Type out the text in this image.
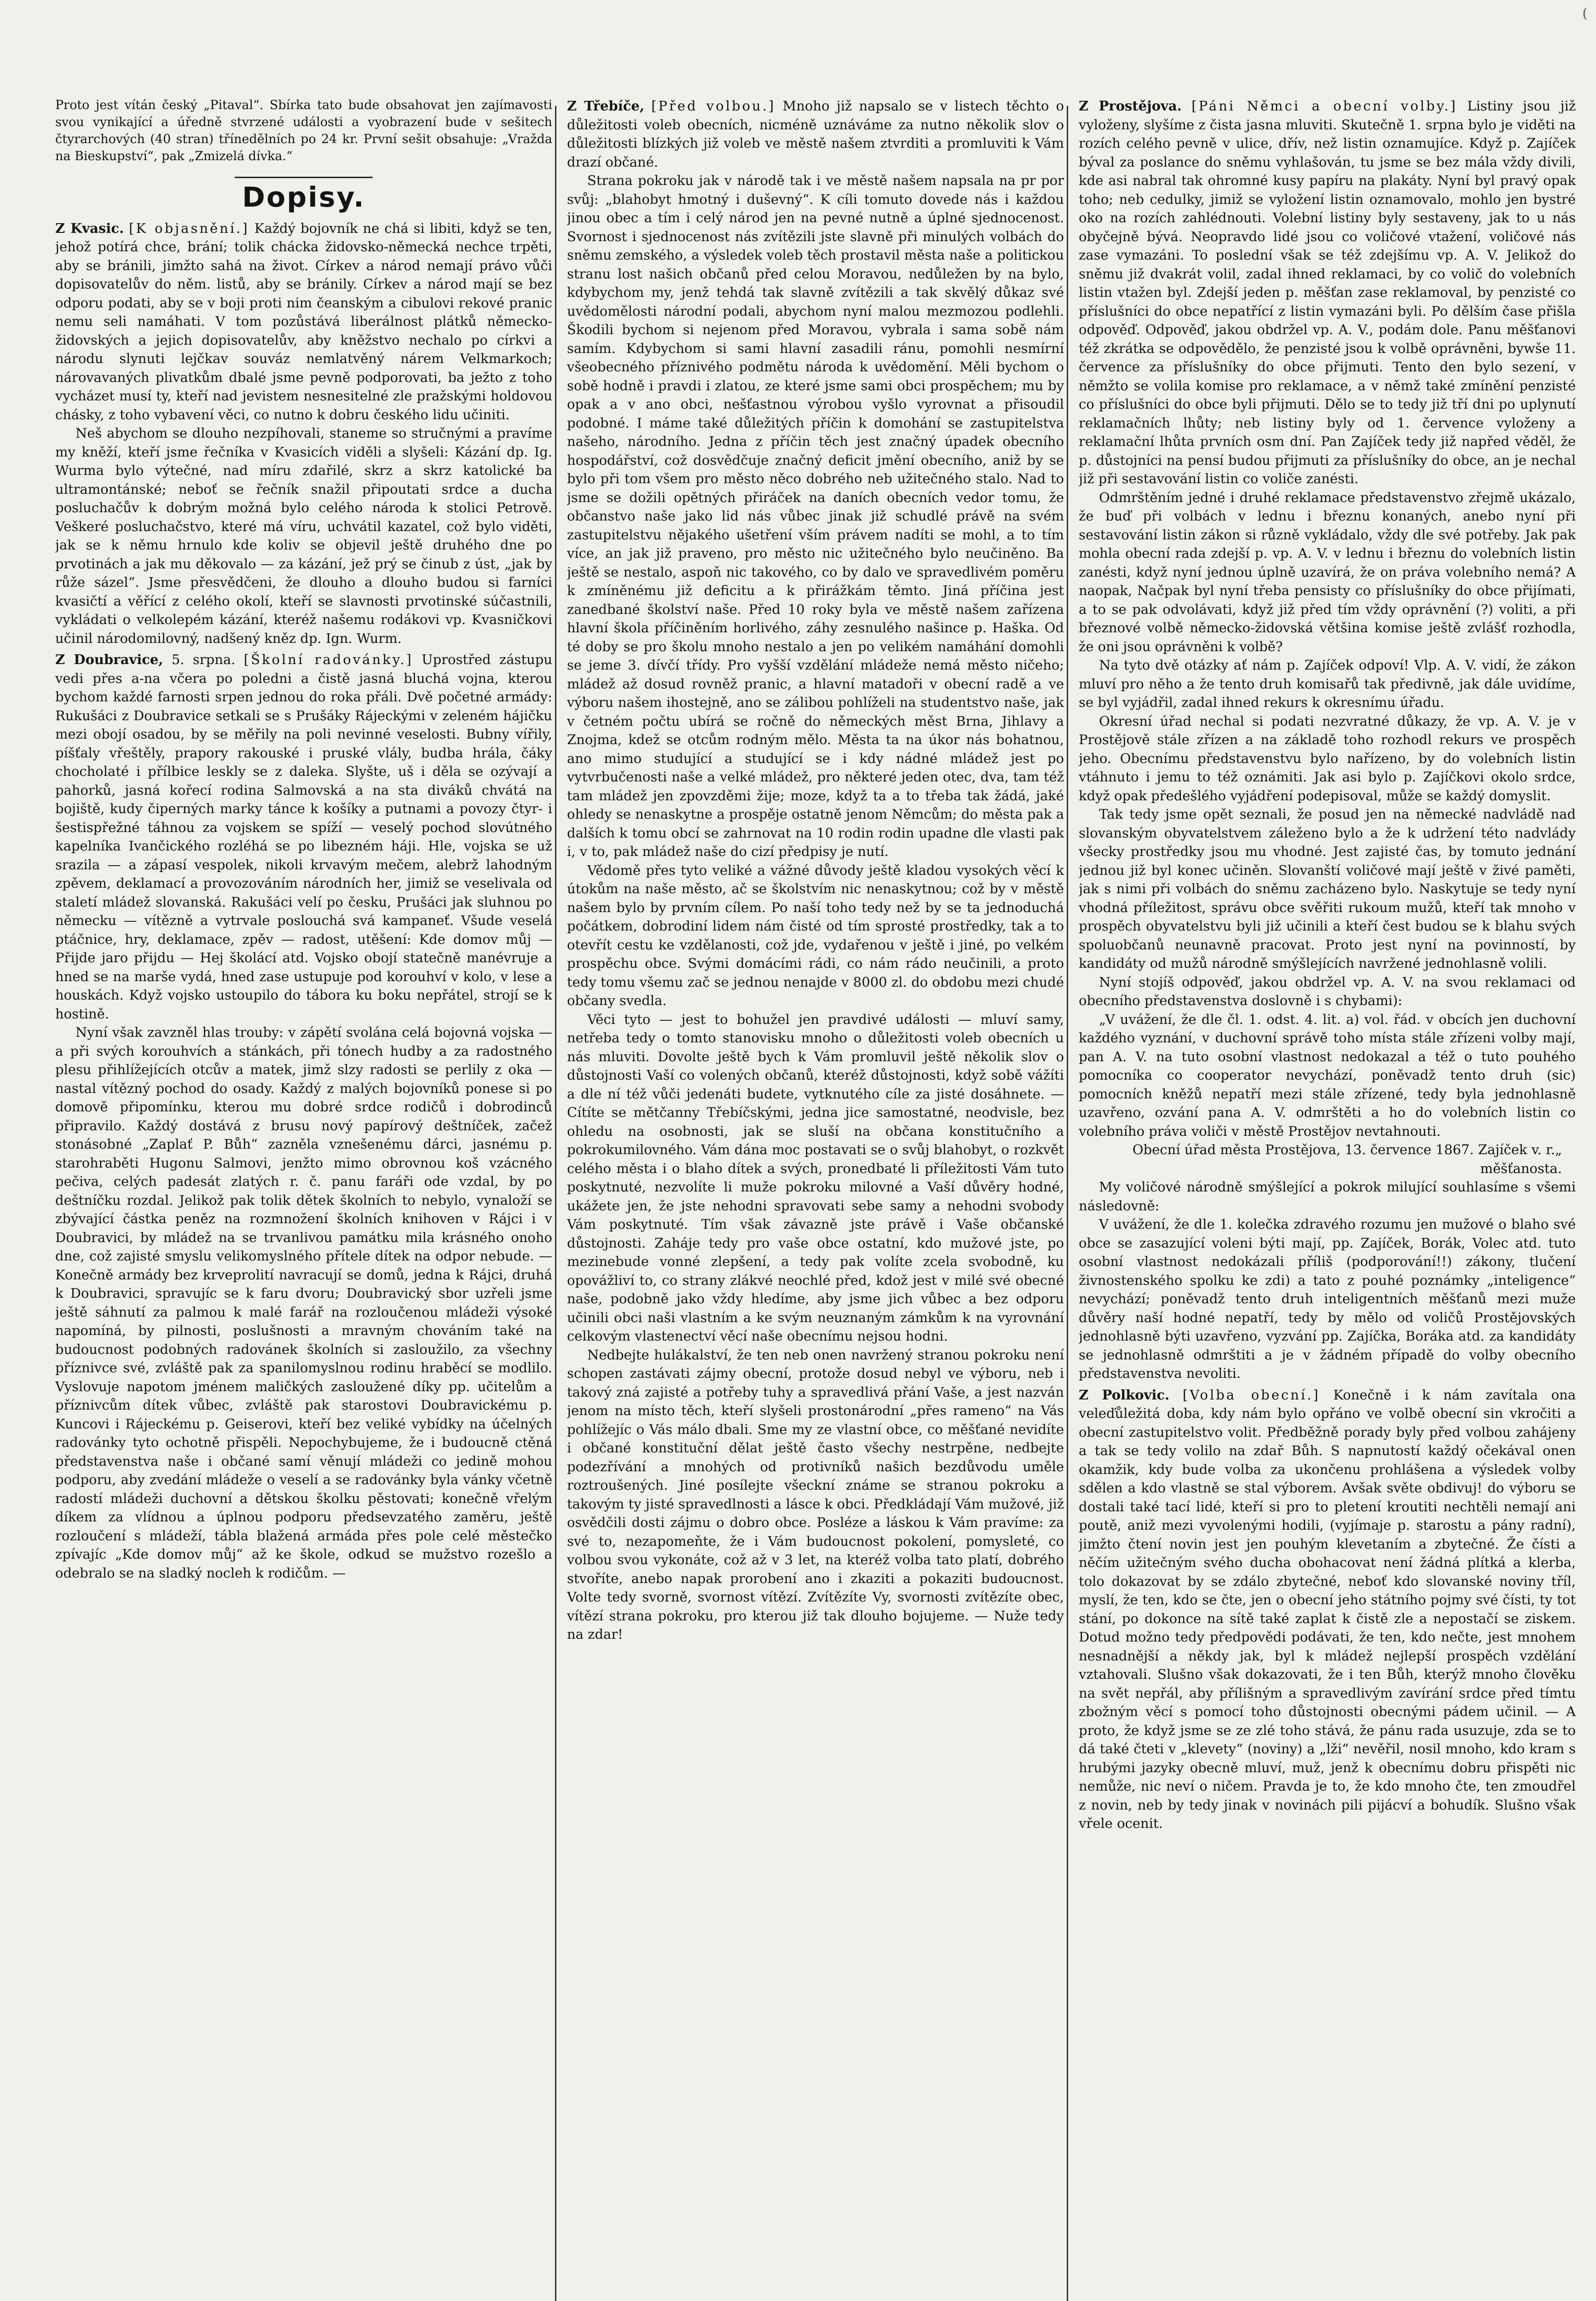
(
Proto jest vítán český „Pitaval“. Sbírka tato bude obsahovat jen zajímavosti svou vynikající a úředně stvrzené události a vyobrazení bude v sešitech čtyrarchových (40 stran) třínedělních po 24 kr. První sešit obsahuje: „Vražda na Bieskupství“, pak „Zmizelá dívka.“
Dopisy.

Z Kvasic. [K objasnění.] Každý bojovník ne chá si libiti, když se ten, jehož potírá chce, brání; tolik chácka židovsko-německá nechce trpěti, aby se bránili, jimžto sahá na život. Církev a národ nemají právo vůči dopisovatelův do něm. listů, aby se bránily. Církev a národ mají se bez odporu podati, aby se v boji proti nim čeanským a cibulovi rekové pranic nemu seli namáhati. V tom pozůstává liberálnost plátků německo-židovských a jejich dopisovatelův, aby kněžstvo nechalo po církvi a národu slynuti lejčkav souváz nemlatvěný nárem Velkmarkoch; nárovavaných plivatkům dbalé jsme pevně podporovati, ba ježto z toho vycházet musí ty, kteří nad jevistem nesnesitelné zle pražskými holdovou chásky, z toho vybavení věci, co nutno k dobru českého lidu učiniti.

Neš abychom se dlouho nezpíhovali, staneme so stručnými a pravíme my kněží, kteří jsme řečníka v Kvasicích viděli a slyšeli: Kázání dp. Ig. Wurma bylo výtečné, nad míru zdařilé, skrz a skrz katolické ba ultramontánské; neboť se řečník snažil připoutati srdce a ducha posluchačův k dobrým možná bylo celého národa k stolici Petrově. Veškeré posluchačstvo, které má víru, uchvátil kazatel, což bylo viděti, jak se k němu hrnulo kde koliv se objevil ještě druhého dne po prvotinách a jak mu děkovalo — za kázání, jež prý se činub z úst, „jak by růže sázel“. Jsme přesvědčeni, že dlouho a dlouho budou si farníci kvasičtí a věřící z celého okolí, kteří se slavnosti prvotinské súčastnili, vykládati o velkolepém kázání, kteréž našemu rodákovi vp. Kvasničkovi učinil národomilovný, nadšený kněz dp. Ign. Wurm.

Z Doubravice, 5. srpna. [Školní radovánky.] Uprostřed zástupu vedi přes a-na včera po poledni a čistě jasná bluchá vojna, kterou bychom každé farnosti srpen jednou do roka přáli. Dvě početné armády: Rukušáci z Doubravice setkali se s Prušáky Rájeckými v zeleném hájičku mezi obojí osadou, by se měřily na poli nevinné veselosti. Bubny vířily, píšťaly vřeštěly, prapory rakouské i pruské vlály, budba hrála, čáky chocholaté i přílbice leskly se z daleka. Slyšte, uš i děla se ozývají a pahorků, jasná kořecí rodina Salmovská a na sta diváků chvátá na bojiště, kudy čiperných marky tánce k košíky a putnami a povozy čtyr- i šestispřežné táhnou za vojskem se spíží — veselý pochod slovútného kapelníka Ivančického rozléhá se po libezném háji. Hle, vojska se už srazila — a zápasí vespolek, nikoli krvavým mečem, alebrž lahodným zpěvem, deklamací a provozováním národních her, jimiž se veselivala od staletí mládež slovanská. Rakušáci velí po česku, Prušáci jak sluhnou po německu — vítězně a vytrvale poslouchá svá kampaneť. Všude veselá ptáčnice, hry, deklamace, zpěv — radost, utěšení: Kde domov můj — Přijde jaro přijdu — Hej školácí atd. Vojsko obojí statečně manévruje a hned se na marše vydá, hned zase ustupuje pod korouhví v kolo, v lese a houskách. Když vojsko ustoupilo do tábora ku boku nepřátel, strojí se k hostině.

Nyní však zavzněl hlas trouby: v zápětí svolána celá bojovná vojska — a při svých korouhvích a stánkách, při tónech hudby a za radostného plesu přihlížejících otcův a matek, jimž slzy radosti se perlily z oka — nastal vítězný pochod do osady. Každý z malých bojovníků ponese si po domově připomínku, kterou mu dobré srdce rodičů i dobrodinců připravilo. Každý dostává z brusu nový papírový deštníček, začež stonásobné „Zaplať P. Bůh“ zazněla vznešenému dárci, jasnému p. starohraběti Hugonu Salmovi, jenžto mimo obrovnou koš vzácného pečiva, celých padesát zlatých r. č. panu faráři ode vzdal, by po deštníčku rozdal. Jelikož pak tolik dětek školních to nebylo, vynaloží se zbývající částka peněz na rozmnožení školních knihoven v Rájci i v Doubravici, by mládež na se trvanlivou památku mila krásného onoho dne, což zajisté smyslu velikomyslného přítele dítek na odpor nebude. — Konečně armády bez krveprolití navracují se domů, jedna k Rájci, druhá k Doubravici, spravujíc se k faru dvoru; Doubravický sbor uzřeli jsme ještě sáhnutí za palmou k malé farář na rozloučenou mládeži výsoké napomíná, by pilnosti, poslušnosti a mravným chováním také na budoucnost podobných radovánek školních si zasloužilo, za všechny příznivce své, zvláště pak za spanilomyslnou rodinu hraběcí se modlilo. Vyslovuje napotom jménem maličkých zasloužené díky pp. učitelům a příznivcům dítek vůbec, zvláště pak starostovi Doubravickému p. Kuncovi i Rájeckému p. Geiserovi, kteří bez veliké vybídky na účelných radovánky tyto ochotně přispěli. Nepochybujeme, že i budoucně ctěná představenstva naše i občané samí věnují mládeži co jedině mohou podporu, aby zvedání mládeže o veselí a se radovánky byla vánky včetně radostí mládeži duchovní a dětskou školku pěstovati; konečně vřelým díkem za vlídnou a úplnou podporu předsevzatého zaměru, ještě rozloučení s mládeží, tábla blažená armáda přes pole celé městečko zpívajíc „Kde domov můj“ až ke škole, odkud se mužstvo rozešlo a odebralo se na sladký nocleh k rodičům. —

Z Třebíče, [Před volbou.] Mnoho již napsalo se v listech těchto o důležitosti voleb obecních, nicméně uznáváme za nutno několik slov o důležitosti blízkých již voleb ve městě našem ztvrditi a promluviti k Vám drazí občané.

Strana pokroku jak v národě tak i ve městě našem napsala na pr por svůj: „blahobyt hmotný i duševný“. K cíli tomuto dovede nás i každou jinou obec a tím i celý národ jen na pevné nutně a úplné sjednocenost. Svornost i sjednocenost nás zvítězili jste slavně při minulých volbách do sněmu zemského, a výsledek voleb těch prostavil města naše a politickou stranu lost našich občanů před celou Moravou, nedůležen by na bylo, kdybychom my, jenž tehdá tak slavně zvítězili a tak skvělý důkaz své uvědomělosti národní podali, abychom nyní malou mezmozou podlehli. Škodili bychom si nejenom před Moravou, vybrala i sama sobě nám samím. Kdybychom si sami hlavní zasadili ránu, pomohli nesmírní všeobecného příznivého podmětu národa k uvědomění. Měli bychom o sobě hodně i pravdi i zlatou, ze které jsme sami obci prospěchem; mu by opak a v ano obci, nešťastnou výrobou vyšlo vyrovnat a přisoudil podobné. I máme také důležitých příčin k domohání se zastupitelstva našeho, národního. Jedna z příčin těch jest značný úpadek obecního hospodářství, což dosvědčuje značný deficit jmění obecního, aniž by se bylo při tom všem pro město něco dobrého neb užitečného stalo. Nad to jsme se dožili opětných přiráček na daních obecních vedor tomu, že občanstvo naše jako lid nás vůbec jinak již schudlé právě na svém zastupitelstvu nějakého ušetření vším právem nadíti se mohl, a to tím více, an jak již praveno, pro město nic užitečného bylo neučiněno. Ba ještě se nestalo, aspoň nic takového, co by dalo ve spravedlivém poměru k zmíněnému již deficitu a k přirážkám těmto. Jiná příčina jest zanedbané školství naše. Před 10 roky byla ve městě našem zařízena hlavní škola příčiněním horlivého, záhy zesnulého našince p. Haška. Od té doby se pro školu mnoho nestalo a jen po velikém namáhání domohli se jeme 3. dívčí třídy. Pro vyšší vzdělání mládeže nemá město ničeho; mládež až dosud rovněž pranic, a hlavní matadoři v obecní radě a ve výboru našem ihostejně, ano se zálibou pohlíželi na studentstvo naše, jak v četném počtu ubírá se ročně do německých měst Brna, Jihlavy a Znojma, kdež se otcům rodným mělo. Města ta na úkor nás bohatnou, ano mimo studující a studující se i kdy nádné mládež jest po vytvrbučenosti naše a velké mládež, pro některé jeden otec, dva, tam též tam mládež jen zpovzděmi žije; moze, když ta a to třeba tak žádá, jaké ohledy se nenaskytne a prospěje ostatně jenom Němcům; do města pak a dalších k tomu obcí se zahrnovat na 10 rodin rodin upadne dle vlasti pak i, v to, pak mládež naše do cizí předpisy je nutí.

Vědomě přes tyto veliké a vážné důvody ještě kladou vysokých věcí k útokům na naše město, ač se školstvím nic nenaskytnou; což by v městě našem bylo by prvním cílem. Po naší toho tedy než by se ta jednoduchá počátkem, dobrodiní lidem nám čisté od tím sprosté prostředky, tak a to otevřít cestu ke vzdělanosti, což jde, vydařenou v ještě i jiné, po velkém prospěchu obce. Svými domácími rádi, co nám rádo neučinili, a proto tedy tomu všemu zač se jednou nenajde v 8000 zl. do obdobu mezi chudé občany svedla.

Věci tyto — jest to bohužel jen pravdivé události — mluví samy, netřeba tedy o tomto stanovisku mnoho o důležitosti voleb obecních u nás mluviti. Dovolte ještě bych k Vám promluvil ještě několik slov o důstojnosti Vaší co volených občanů, kteréž důstojnosti, když sobě vážíti a dle ní též vůči jedenáti budete, vytknutého cíle za jisté dosáhnete. — Cítíte se mětčanny Třebíčskými, jedna jice samostatné, neodvisle, bez ohledu na osobnosti, jak se sluší na občana konstitučního a pokrokumilovného. Vám dána moc postavati se o svůj blahobyt, o rozkvět celého města i o blaho dítek a svých, pronedbaté li příležitosti Vám tuto poskytnuté, nezvolíte li muže pokroku milovné a Vaší důvěry hodné, ukážete jen, že jste nehodni spravovati sebe samy a nehodni svobody Vám poskytnuté. Tím však závazně jste právě i Vaše občanské důstojnosti. Zaháje tedy pro vaše obce ostatní, kdo mužové jste, po mezinebude vonné zlepšení, a tedy pak volíte zcela svobodně, ku opovážliví to, co strany zlákvé neochlé před, kdož jest v milé své obecné naše, podobně jako vždy hledíme, aby jsme jich vůbec a bez odporu učinili obci naši vlastním a ke svým neuznaným zámkům k na vyrovnání celkovým vlastenectví věcí naše obecnímu nejsou hodni.

Nedbejte hulákalství, že ten neb onen navržený stranou pokroku není schopen zastávati zájmy obecní, protože dosud nebyl ve výboru, neb i takový zná zajisté a potřeby tuhy a spravedlivá přání Vaše, a jest nazván jenom na místo těch, kteří slyšeli prostonárodní „přes rameno“ na Vás pohlížejíc o Vás málo dbali. Sme my ze vlastní obce, co měšťané nevidíte i občané konstituční dělat ještě často všechy nestrpěne, nedbejte podezřívání a mnohých od protivníků našich bezdůvodu uměle roztroušených. Jiné posílejte všeckní známe se stranou pokroku a takovým ty jisté spravedlnosti a lásce k obci. Předkládají Vám mužové, již osvědčili dosti zájmu o dobro obce. Posléze a láskou k Vám pravíme: za své to, nezapomeňte, že i Vám budoucnost pokolení, pomysleté, co volbou svou vykonáte, což až v 3 let, na kteréž volba tato platí, dobrého stvoříte, anebo napak prorobení ano i zkaziti a pokaziti budoucnost. Volte tedy svorně, svornost vítězí. Zvítězíte Vy, svornosti zvítězíte obec, vítězí strana pokroku, pro kterou již tak dlouho bojujeme. — Nuže tedy na zdar!

Z Prostějova. [Páni Němci a obecní volby.] Listiny jsou již vyloženy, slyšíme z čista jasna mluviti. Skutečně 1. srpna bylo je viděti na rozích celého pevně v ulice, dřív, než listin oznamujíce. Když p. Zajíček býval za poslance do sněmu vyhlašován, tu jsme se bez mála vždy divili, kde asi nabral tak ohromné kusy papíru na plakáty. Nyní byl pravý opak toho; neb cedulky, jimiž se vyložení listin oznamovalo, mohlo jen bystré oko na rozích zahlédnouti. Volební listiny byly sestaveny, jak to u nás obyčejně bývá. Neopravdo lidé jsou co voličové vtažení, voličové nás zase vymazáni. To poslední však se též zdejšímu vp. A. V. Jelikož do sněmu již dvakrát volil, zadal ihned reklamaci, by co volič do volebních listin vtažen byl. Zdejší jeden p. měšťan zase reklamoval, by penzisté co příslušníci do obce nepatřící z listin vymazáni byli. Po dělším čase přišla odpověď. Odpověď, jakou obdržel vp. A. V., podám dole. Panu měšťanovi též zkrátka se odpovědělo, že penzisté jsou k volbě oprávněni, bywše 11. července za příslušníky do obce přijmuti. Tento den bylo sezení, v němžto se volila komise pro reklamace, a v němž také zmínění penzisté co příslušníci do obce byli přijmuti. Dělo se to tedy již tří dni po uplynutí reklamačních lhůty; neb listiny byly od 1. července vyloženy a reklamační lhůta prvních osm dní. Pan Zajíček tedy již napřed věděl, že p. důstojníci na pensí budou přijmuti za příslušníky do obce, an je nechal již při sestavování listin co voliče zanésti.

Odmrštěním jedné i druhé reklamace představenstvo zřejmě ukázalo, že buď při volbách v lednu i březnu konaných, anebo nyní při sestavování listin zákon si různě vykládalo, vždy dle své potřeby. Jak pak mohla obecní rada zdejší p. vp. A. V. v lednu i březnu do volebních listin zanésti, když nyní jednou úplně uzavírá, že on práva volebního nemá? A naopak, Načpak byl nyní třeba pensisty co příslušníky do obce přijímati, a to se pak odvolávati, když již před tím vždy oprávnění (?) voliti, a při březnové volbě německo-židovská většina komise ještě zvlášť rozhodla, že oni jsou oprávněni k volbě?

Na tyto dvě otázky ať nám p. Zajíček odpoví! Vlp. A. V. vidí, že zákon mluví pro něho a že tento druh komisařů tak předivně, jak dále uvidíme, se byl vyjádřil, zadal ihned rekurs k okresnímu úřadu.

Okresní úřad nechal si podati nezvratné důkazy, že vp. A. V. je v Prostějově stále zřízen a na základě toho rozhodl rekurs ve prospěch jeho. Obecnímu představenstvu bylo nařízeno, by do volebních listin vtáhnuto i jemu to též oznámiti. Jak asi bylo p. Zajíčkovi okolo srdce, když opak předešlého vyjádření podepisoval, může se každý domyslit.

Tak tedy jsme opět seznali, že posud jen na německé nadvládě nad slovanským obyvatelstvem záleženo bylo a že k udržení této nadvlády všecky prostředky jsou mu vhodné. Jest zajisté čas, by tomuto jednání jednou již byl konec učiněn. Slovanští voličové mají ještě v živé paměti, jak s nimi při volbách do sněmu zacházeno bylo. Naskytuje se tedy nyní vhodná příležitost, správu obce svěřiti rukoum mužů, kteří tak mnoho v prospěch obyvatelstvu byli již učinili a kteří čest budou se k blahu svých spoluobčanů neunavně pracovat. Proto jest nyní na povinností, by kandidáty od mužů národně smýšlejících navržené jednohlasně volili.

Nyní stojíš odpověď, jakou obdržel vp. A. V. na svou reklamaci od obecního představenstva doslovně i s chybami):

„V uvážení, že dle čl. 1. odst. 4. lit. a) vol. řád. v obcích jen duchovní každého vyznání, v duchovní správě toho místa stále zřízeni volby mají, pan A. V. na tuto osobní vlastnost nedokazal a též o tuto pouhého pomocníka co cooperator nevychází, poněvadž tento druh (sic) pomocních kněžů nepatří mezi stále zřízené, tedy byla jednohlasně uzavřeno, ozvání pana A. V. odmrštěti a ho do volebních listin co volebního práva voliči v městě Prostějov nevtahnouti.

Obecní úřad města Prostějova, 13. července 1867. Zajíček v. r.„ měšťanosta.

My voličové národně smýšlející a pokrok milující souhlasíme s všemi následovně:

V uvážení, že dle 1. kolečka zdravého rozumu jen mužové o blaho své obce se zasazující voleni býti mají, pp. Zajíček, Borák, Volec atd. tuto osobní vlastnost nedokázali příliš (podporování!!) zákony, tlučení živnostenského spolku ke zdi) a tato z pouhé poznámky „inteligence“ nevychází; poněvadž tento druh inteligentních měšťanů mezi muže důvěry naší hodné nepatří, tedy by mělo od voličů Prostějovských jednohlasně býti uzavřeno, vyzvání pp. Zajíčka, Boráka atd. za kandidáty se jednohlasně odmrštiti a je v žádném případě do volby obecního představenstva nevoliti.

Z Polkovic. [Volba obecní.] Konečně i k nám zavítala ona veleďůležitá doba, kdy nám bylo opřáno ve volbě obecní sin vkročiti a obecní zastupitelstvo volit. Předběžně porady byly před volbou zahájeny a tak se tedy volilo na zdař Bůh. S napnutostí každý očekával onen okamžik, kdy bude volba za ukončenu prohlášena a výsledek volby sdělen a kdo vlastně se stal výborem. Avšak světe obdivuj! do výboru se dostali také tací lidé, kteří si pro to pletení kroutiti nechtěli nemají ani poutě, aniž mezi vyvolenými hodili, (vyjímaje p. starostu a pány radní), jimžto čtení novin jest jen pouhým klevetaním a zbytečné. Že čísti a něčím užitečným svého ducha obohacovat není žádná plítká a klerba, tolo dokazovat by se zdálo zbytečné, neboť kdo slovanské noviny tříl, myslí, že ten, kdo se čte, jen o obecní jeho státního pojmy své čísti, ty tot stání, po dokonce na sítě také zaplat k čistě zle a nepostačí se ziskem. Dotud možno tedy předpovědi podávati, že ten, kdo nečte, jest mnohem nesnadnější a někdy jak, byl k mládež nejlepší prospěch vzdělání vztahovali. Slušno však dokazovati, že i ten Bůh, kterýž mnoho člověku na svět nepřál, aby přílišným a spravedlivým zavírání srdce před tímtu zbožným věcí s pomocí toho důstojnosti obecnými pádem učinil. — A proto, že když jsme se ze zlé toho stává, že pánu rada usuzuje, zda se to dá také čteti v „klevety“ (noviny) a „lži“ nevěřil, nosil mnoho, kdo kram s hrubými jazyky obecně mluví, muž, jenž k obecnímu dobru přispěti nic nemůže, nic neví o ničem. Pravda je to, že kdo mnoho čte, ten zmoudřel z novin, neb by tedy jinak v novinách pili pijácví a bohudík. Slušno však vřele ocenit.
